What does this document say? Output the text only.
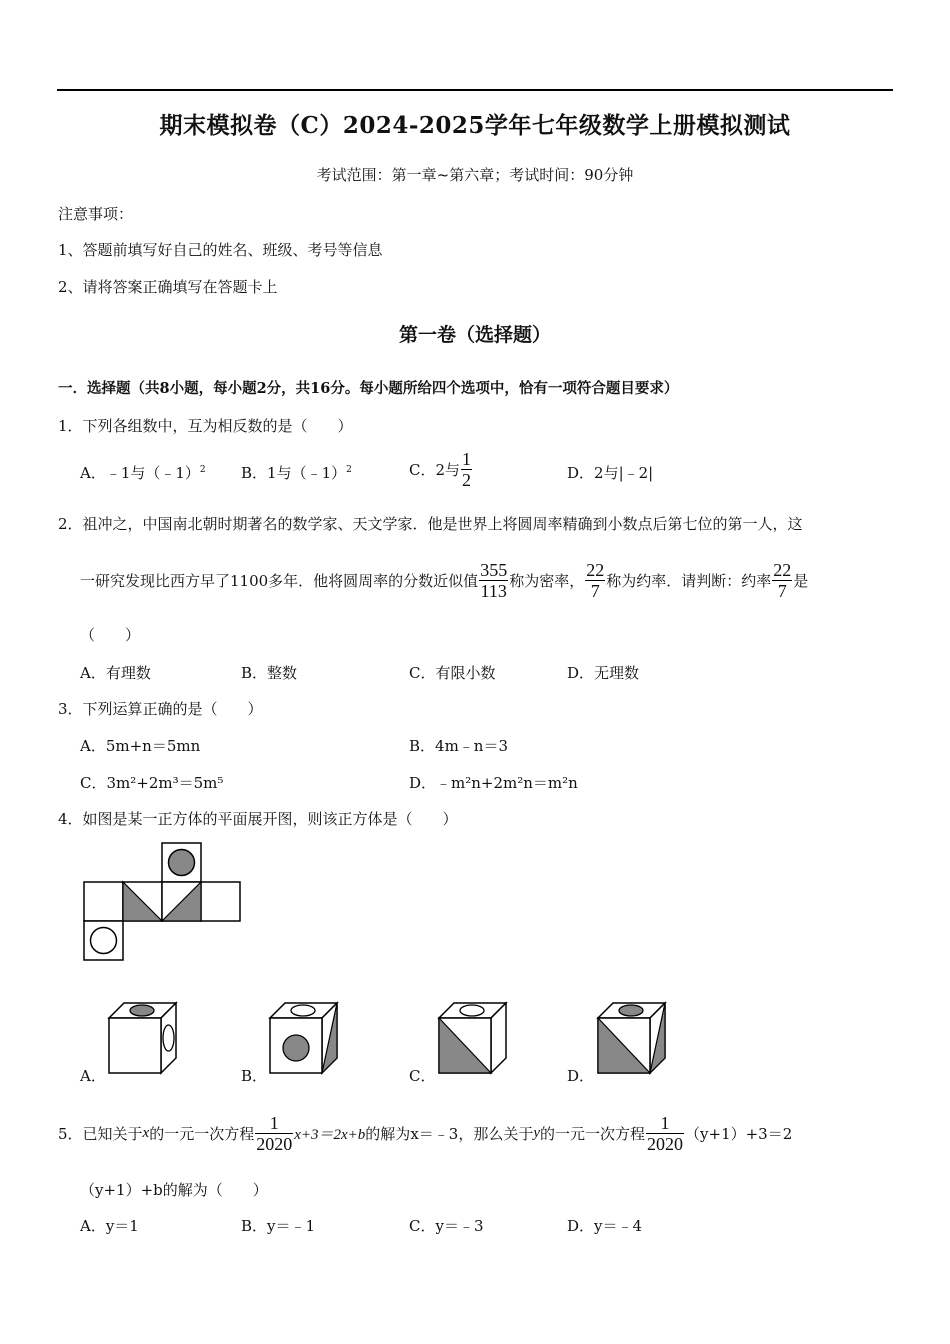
期末模拟卷（C）2024-2025学年七年级数学上册模拟测试
考试范围：第一章~第六章；考试时间：90分钟
注意事项：
1、答题前填写好自己的姓名、班级、考号等信息
2、请将答案正确填写在答题卡上
第一卷（选择题）
一．选择题（共8小题，每小题2分，共16分。每小题所给四个选项中，恰有一项符合题目要求）
1．下列各组数中，互为相反数的是（　　）
A．﹣1与（﹣1）$^2$ B．1与（﹣1）$^2$	C．2与 $\frac{1}{2}$	D．2与|﹣2|
2．祖冲之，中国南北朝时期著名的数学家、天文学家．他是世界上将圆周率精确到小数点后第七位的第一人，这
一研究发现比西方早了1100多年．他将圆周率的分数近似值 $\frac{355}{113}$ 称为密率， $\frac{22}{7}$ 称为约率．请判断：约率 $\frac{22}{7}$ 是
（　　）
A．有理数	B．整数	C．有限小数	D．无理数
3．下列运算正确的是（　　）
A．5m+n＝5mn	B．4m﹣n＝3
C．3m²+2m³＝5m⁵	D．﹣m²n+2m²n＝m²n
4．如图是某一正方体的平面展开图，则该正方体是（　　）
A．	B．	C．	D．
5．已知关于x的一元一次方程 $\frac{1}{2020} x+3=2x+b$的解为x＝﹣3，那么关于y的一元一次方程 $\frac{1}{2020} (y+1)+3=2$
（y+1）+b的解为（　　）
A．y＝1	B．y＝﹣1	C．y＝﹣3	D．y＝﹣4
